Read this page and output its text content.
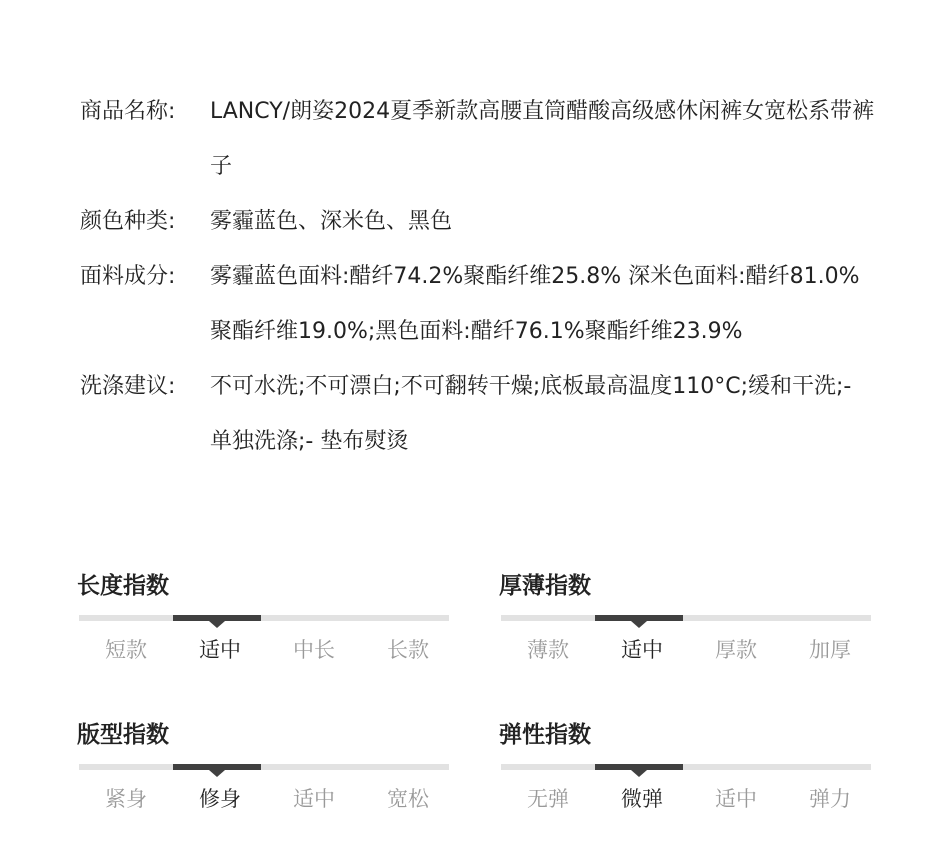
商品名称:	LANCY/朗姿2024夏季新款高腰直筒醋酸高级感休闲裤女宽松系带裤子
颜色种类:	雾霾蓝色、深米色、黑色
面料成分:	雾霾蓝色面料:醋纤74.2%聚酯纤维25.8% 深米色面料:醋纤81.0%聚酯纤维19.0%;黑色面料:醋纤76.1%聚酯纤维23.9%
洗涤建议:	不可水洗;不可漂白;不可翻转干燥;底板最高温度110°C;缓和干洗;- 单独洗涤;- 垫布熨烫
长度指数
短款	适中	中长	长款
厚薄指数
薄款	适中	厚款	加厚
版型指数
紧身	修身	适中	宽松
弹性指数
无弹	微弹	适中	弹力
